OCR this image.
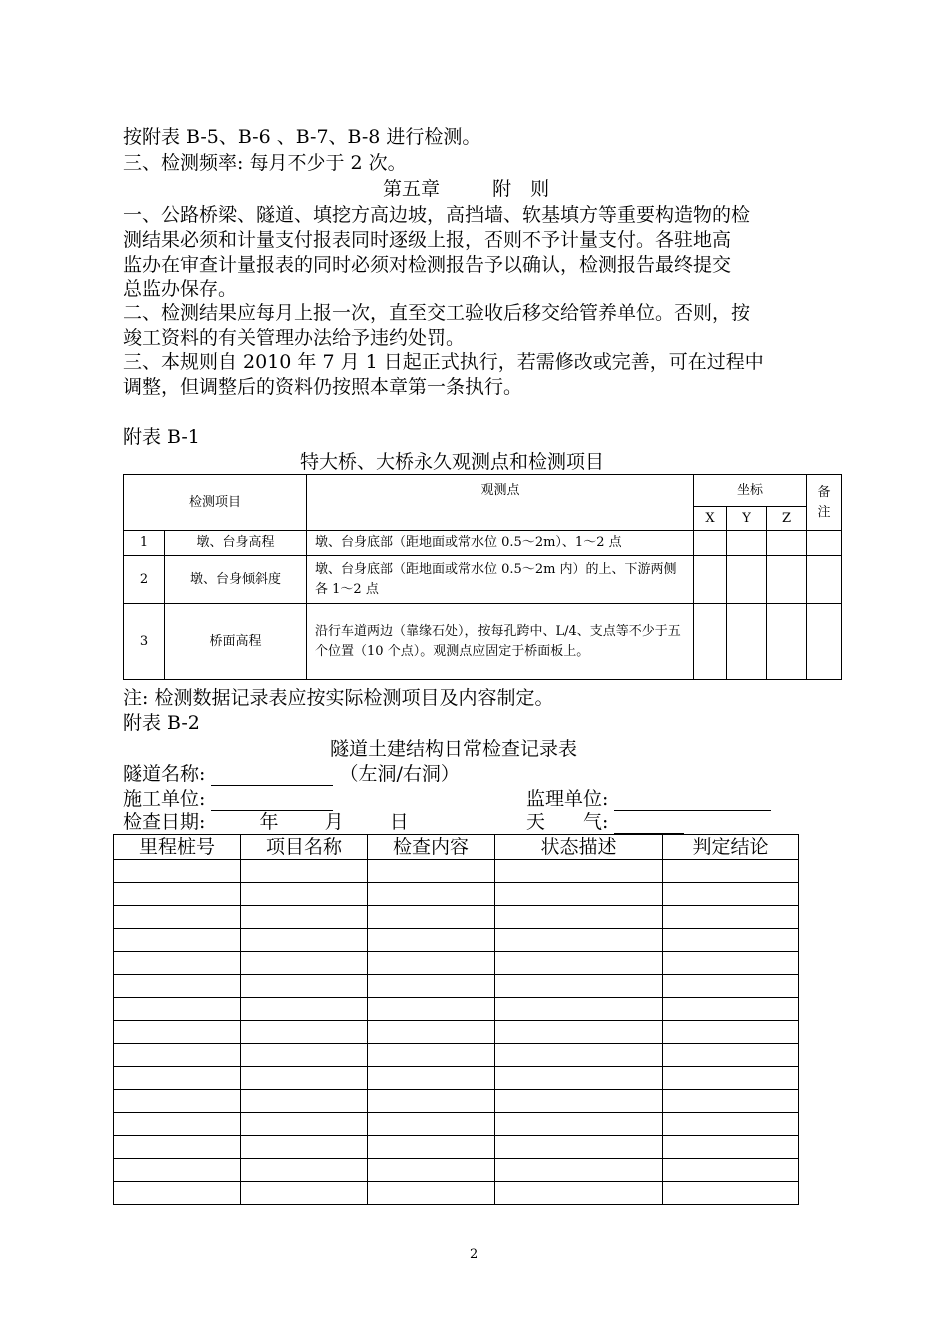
按附表 B-5、B-6 、B-7、B-8 进行检测。

三、检测频率: 每月不少于 2 次。

第五章	附　则

一、公路桥梁、隧道、填挖方高边坡，高挡墙、软基填方等重要构造物的检

测结果必须和计量支付报表同时逐级上报，否则不予计量支付。各驻地高

监办在审查计量报表的同时必须对检测报告予以确认，检测报告最终提交

总监办保存。

二、检测结果应每月上报一次，直至交工验收后移交给管养单位。否则，按

竣工资料的有关管理办法给予违约处罚。

三、本规则自 2010 年 7 月 1 日起正式执行，若需修改或完善，可在过程中

调整，但调整后的资料仍按照本章第一条执行。

附表 B-1

特大桥、大桥永久观测点和检测项目

检测项目		观测点	坐标			备注
			X	Y	Z	
1	墩、台身高程	墩、台身底部（距地面或常水位 0.5～2m）、1～2 点				
2	墩、台身倾斜度	墩、台身底部（距地面或常水位 0.5～2m 内）的上、下游两侧各 1～2 点				
3	桥面高程	沿行车道两边（靠缘石处），按每孔跨中、L/4、支点等不少于五个位置（10 个点）。观测点应固定于桥面板上。				

注: 检测数据记录表应按实际检测项目及内容制定。

附表 B-2

隧道土建结构日常检查记录表

隧道名称:	（左洞/右洞）
施工单位:	监理单位:
检查日期:	年 月 日	天　　气:
里程桩号	项目名称	检查内容	状态描述	判定结论

2
